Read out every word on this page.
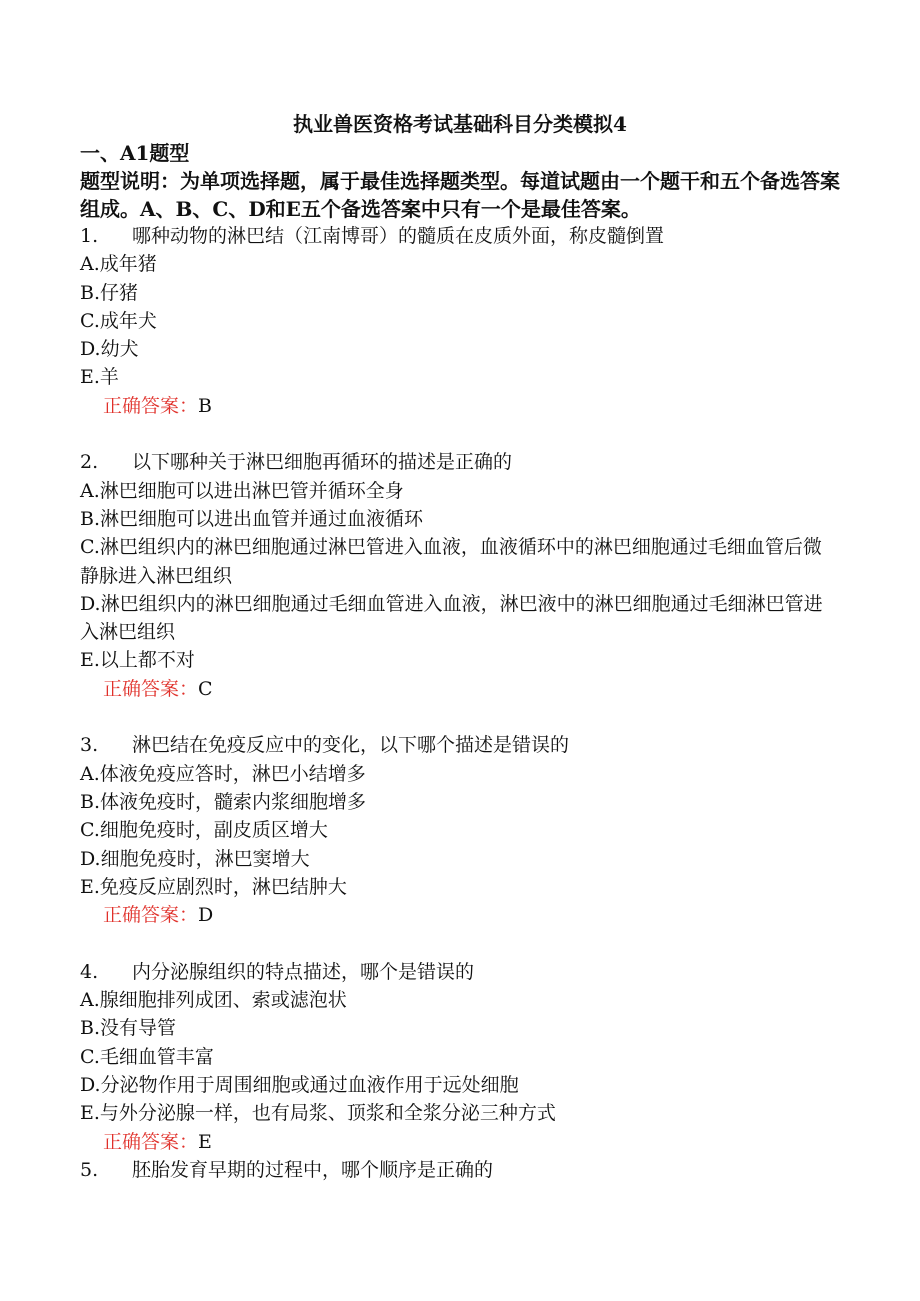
执业兽医资格考试基础科目分类模拟4
一、A1题型
题型说明：为单项选择题，属于最佳选择题类型。每道试题由一个题干和五个备选答案组成。A、B、C、D和E五个备选答案中只有一个是最佳答案。
1. 哪种动物的淋巴结（江南博哥）的髓质在皮质外面，称皮髓倒置
A.成年猪
B.仔猪
C.成年犬
D.幼犬
E.羊
正确答案：B
2. 以下哪种关于淋巴细胞再循环的描述是正确的
A.淋巴细胞可以进出淋巴管并循环全身
B.淋巴细胞可以进出血管并通过血液循环
C.淋巴组织内的淋巴细胞通过淋巴管进入血液，血液循环中的淋巴细胞通过毛细血管后微静脉进入淋巴组织
D.淋巴组织内的淋巴细胞通过毛细血管进入血液，淋巴液中的淋巴细胞通过毛细淋巴管进入淋巴组织
E.以上都不对
正确答案：C
3. 淋巴结在免疫反应中的变化，以下哪个描述是错误的
A.体液免疫应答时，淋巴小结增多
B.体液免疫时，髓索内浆细胞增多
C.细胞免疫时，副皮质区增大
D.细胞免疫时，淋巴窦增大
E.免疫反应剧烈时，淋巴结肿大
正确答案：D
4. 内分泌腺组织的特点描述，哪个是错误的
A.腺细胞排列成团、索或滤泡状
B.没有导管
C.毛细血管丰富
D.分泌物作用于周围细胞或通过血液作用于远处细胞
E.与外分泌腺一样，也有局浆、顶浆和全浆分泌三种方式
正确答案：E
5. 胚胎发育早期的过程中，哪个顺序是正确的
